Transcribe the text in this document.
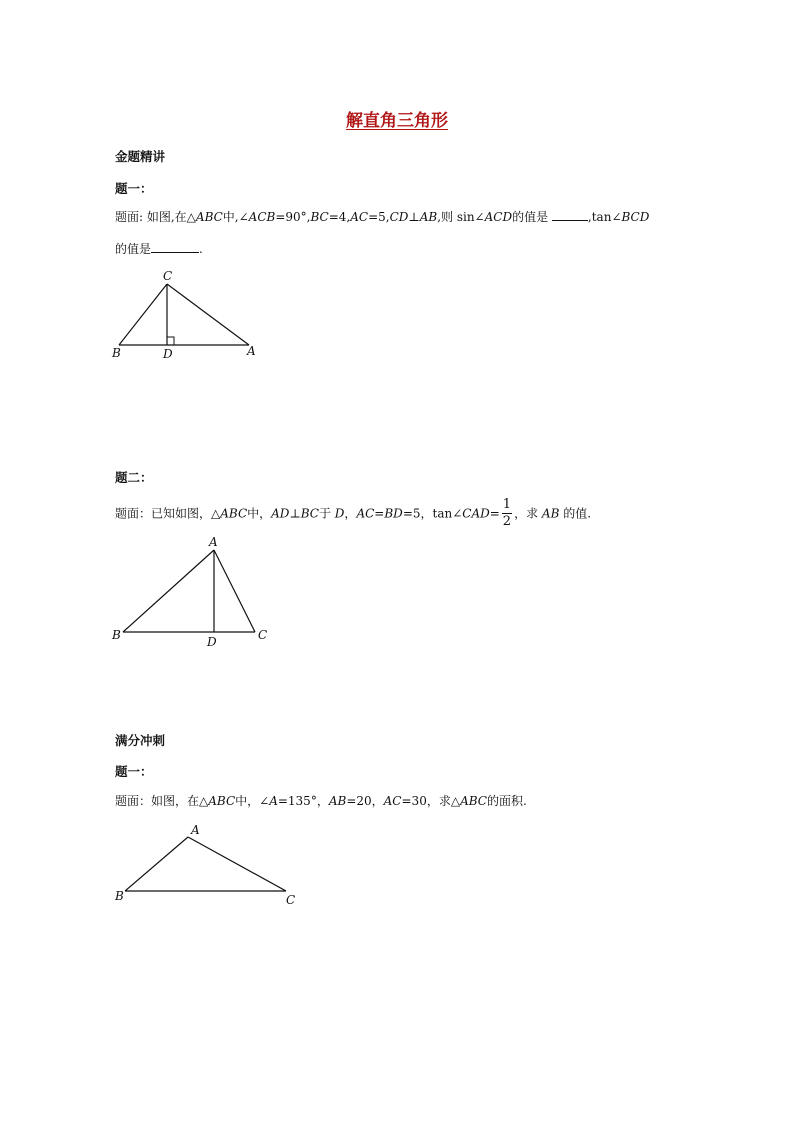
解直角三角形
金题精讲
题一：
题面: 如图,在△ABC中,∠ACB=90°,BC=4,AC=5,CD⊥AB,则 sin∠ACD的值是	,tan∠BCD
的值是	.
C
B	D	A
题二：
题面：已知如图，△ABC中，AD⊥BC于 D，AC=BD=5，tan∠CAD= $\frac{1}{2}$ ，求 AB 的值.
A
B	D	C
满分冲刺
题一：
题面：如图，在△ABC中，∠A=135°，AB=20，AC=30，求△ABC的面积.
A
B	C
